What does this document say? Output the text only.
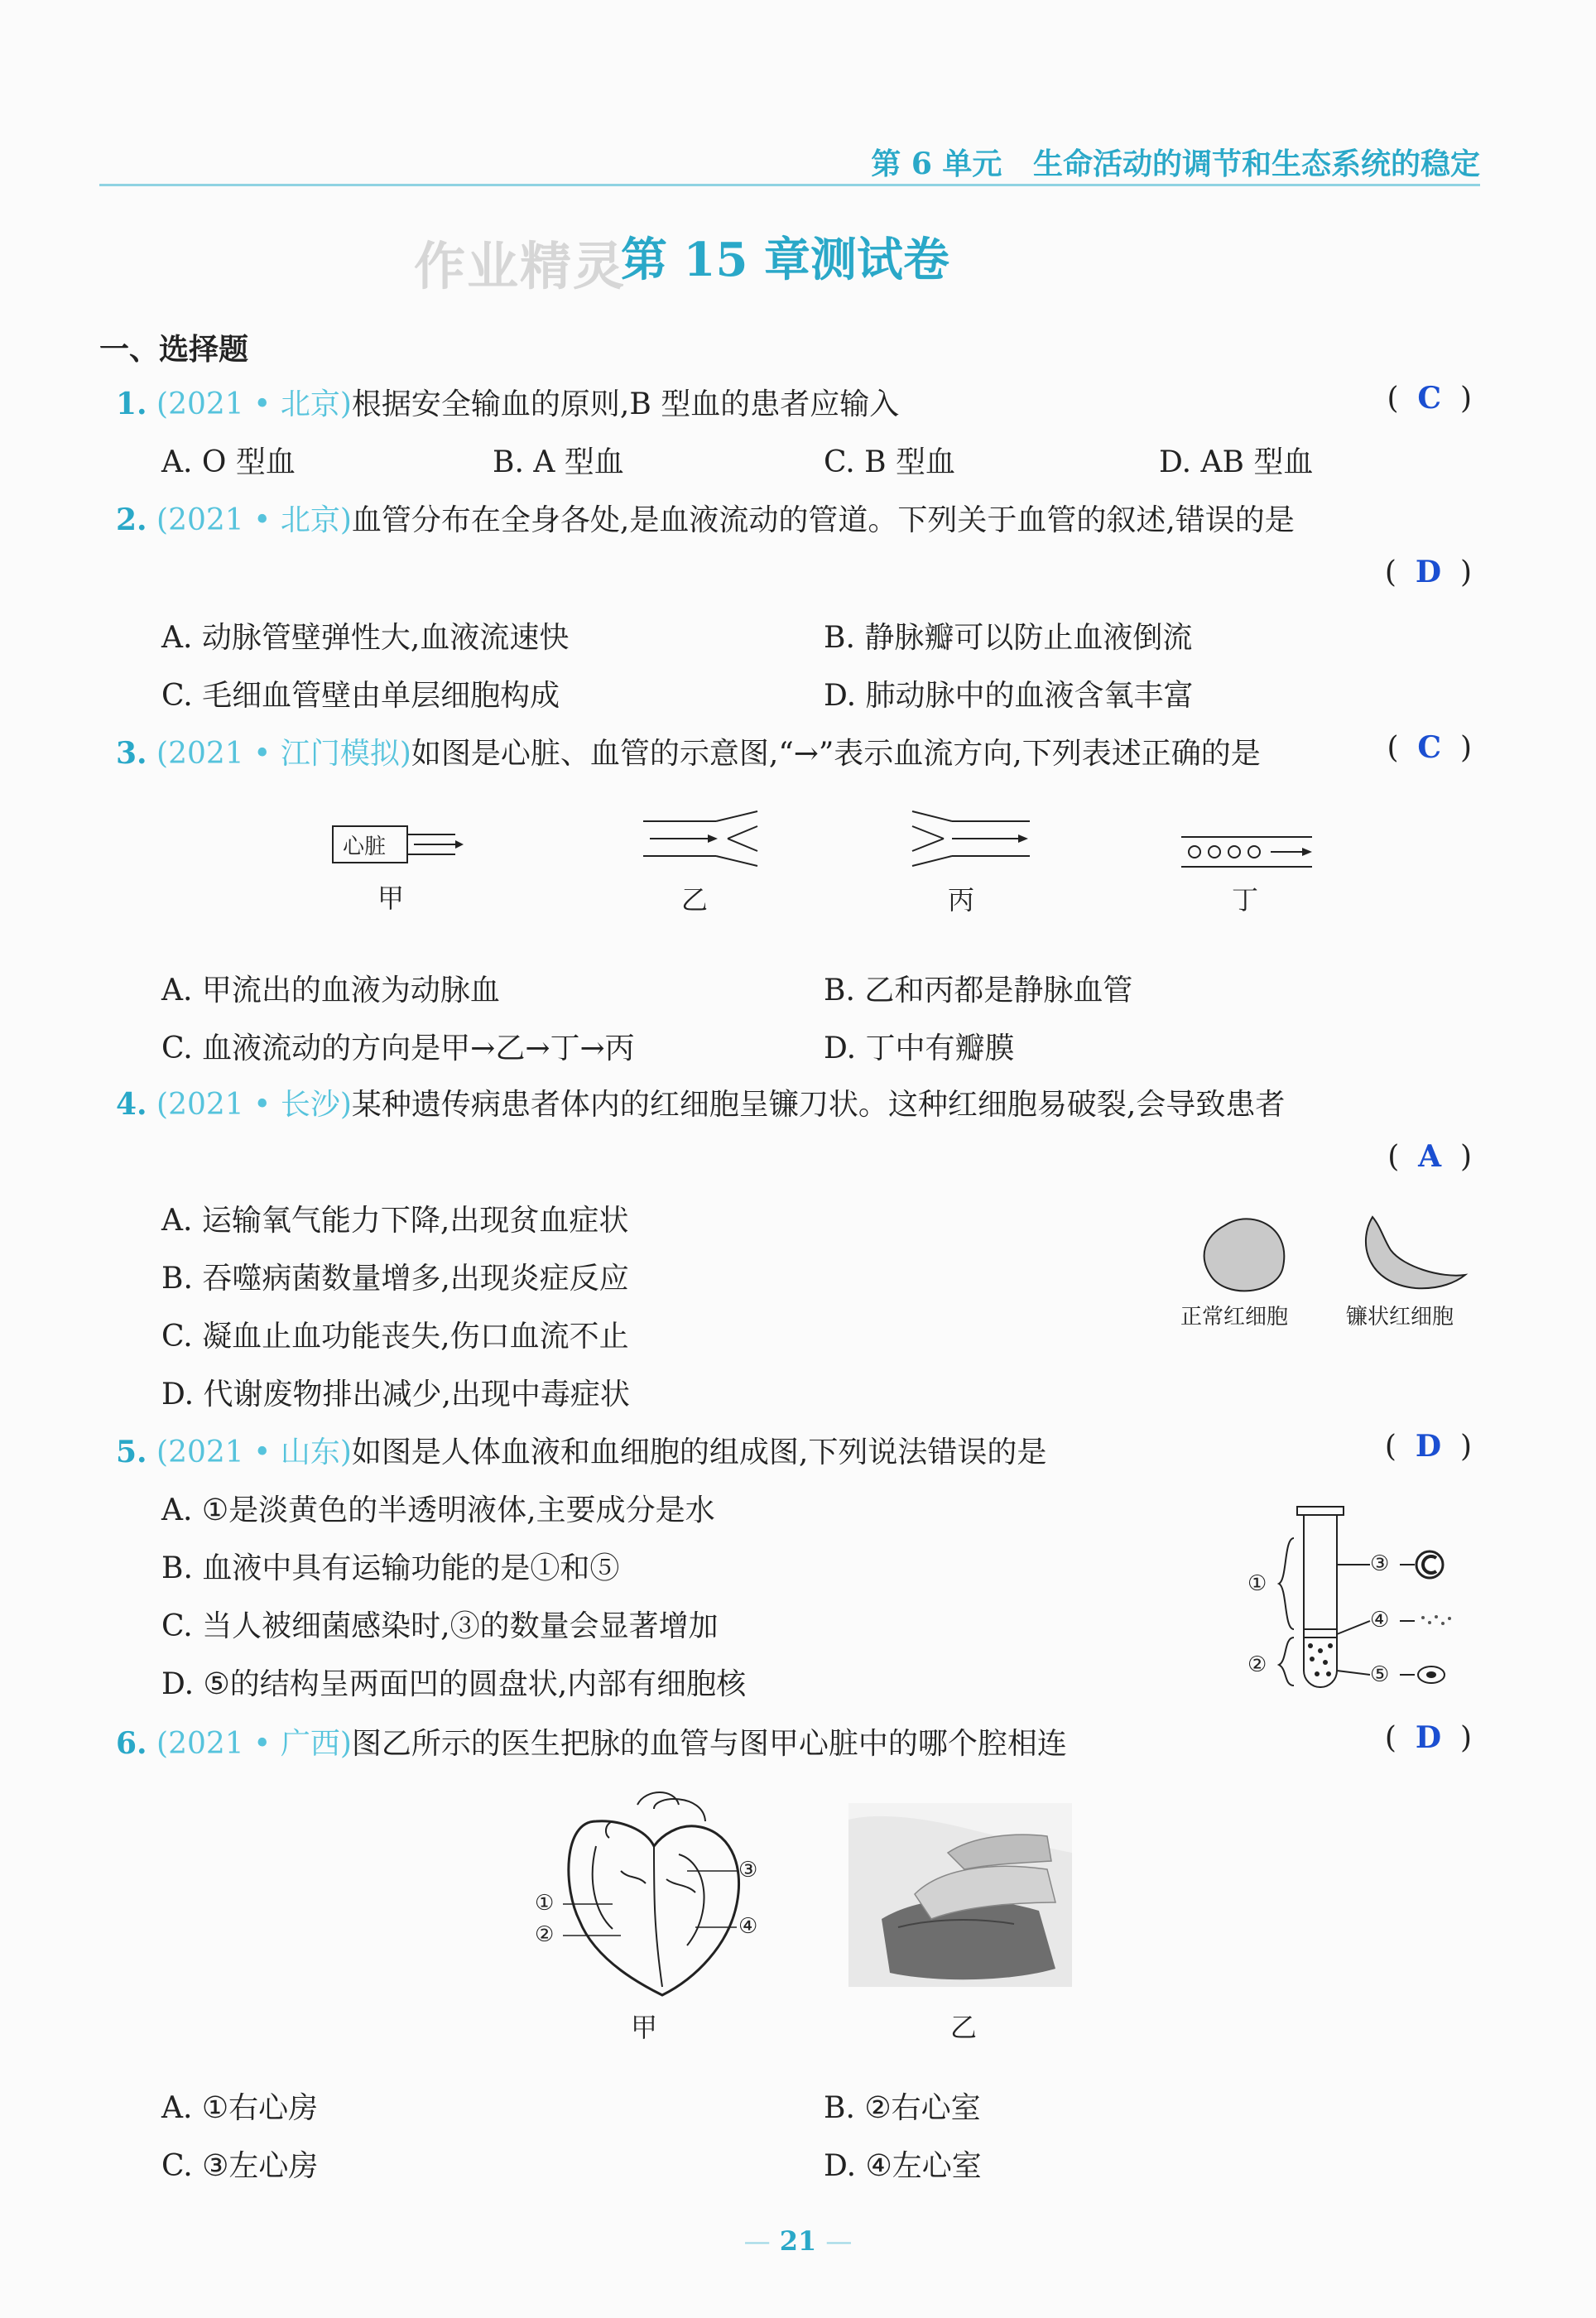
第 6 单元   生命活动的调节和生态系统的稳定
作业精灵
第 15 章测试卷
一、选择题
1. (2021 • 北京)根据安全输血的原则,B 型血的患者应输入	(  C  )
A. O 型血	B. A 型血	C. B 型血	D. AB 型血
2. (2021 • 北京)血管分布在全身各处,是血液流动的管道。下列关于血管的叙述,错误的是
(  D  )
A. 动脉管壁弹性大,血液流速快	B. 静脉瓣可以防止血液倒流
C. 毛细血管壁由单层细胞构成	D. 肺动脉中的血液含氧丰富
3. (2021 • 江门模拟)如图是心脏、血管的示意图,“→”表示血流方向,下列表述正确的是	(  C  )
心脏
甲	乙	丙	丁
A. 甲流出的血液为动脉血	B. 乙和丙都是静脉血管
C. 血液流动的方向是甲→乙→丁→丙	D. 丁中有瓣膜
4. (2021 • 长沙)某种遗传病患者体内的红细胞呈镰刀状。这种红细胞易破裂,会导致患者
(  A  )
A. 运输氧气能力下降,出现贫血症状
B. 吞噬病菌数量增多,出现炎症反应
C. 凝血止血功能丧失,伤口血流不止
D. 代谢废物排出减少,出现中毒症状
正常红细胞	镰状红细胞
5. (2021 • 山东)如图是人体血液和血细胞的组成图,下列说法错误的是	(  D  )
A. ①是淡黄色的半透明液体,主要成分是水
B. 血液中具有运输功能的是①和⑤
C. 当人被细菌感染时,③的数量会显著增加
D. ⑤的结构呈两面凹的圆盘状,内部有细胞核
①
②
③
④
⑤
6. (2021 • 广西)图乙所示的医生把脉的血管与图甲心脏中的哪个腔相连	(  D  )
①
②
③
④
甲	乙
A. ①右心房	B. ②右心室
C. ③左心房	D. ④左心室
— 21 —
